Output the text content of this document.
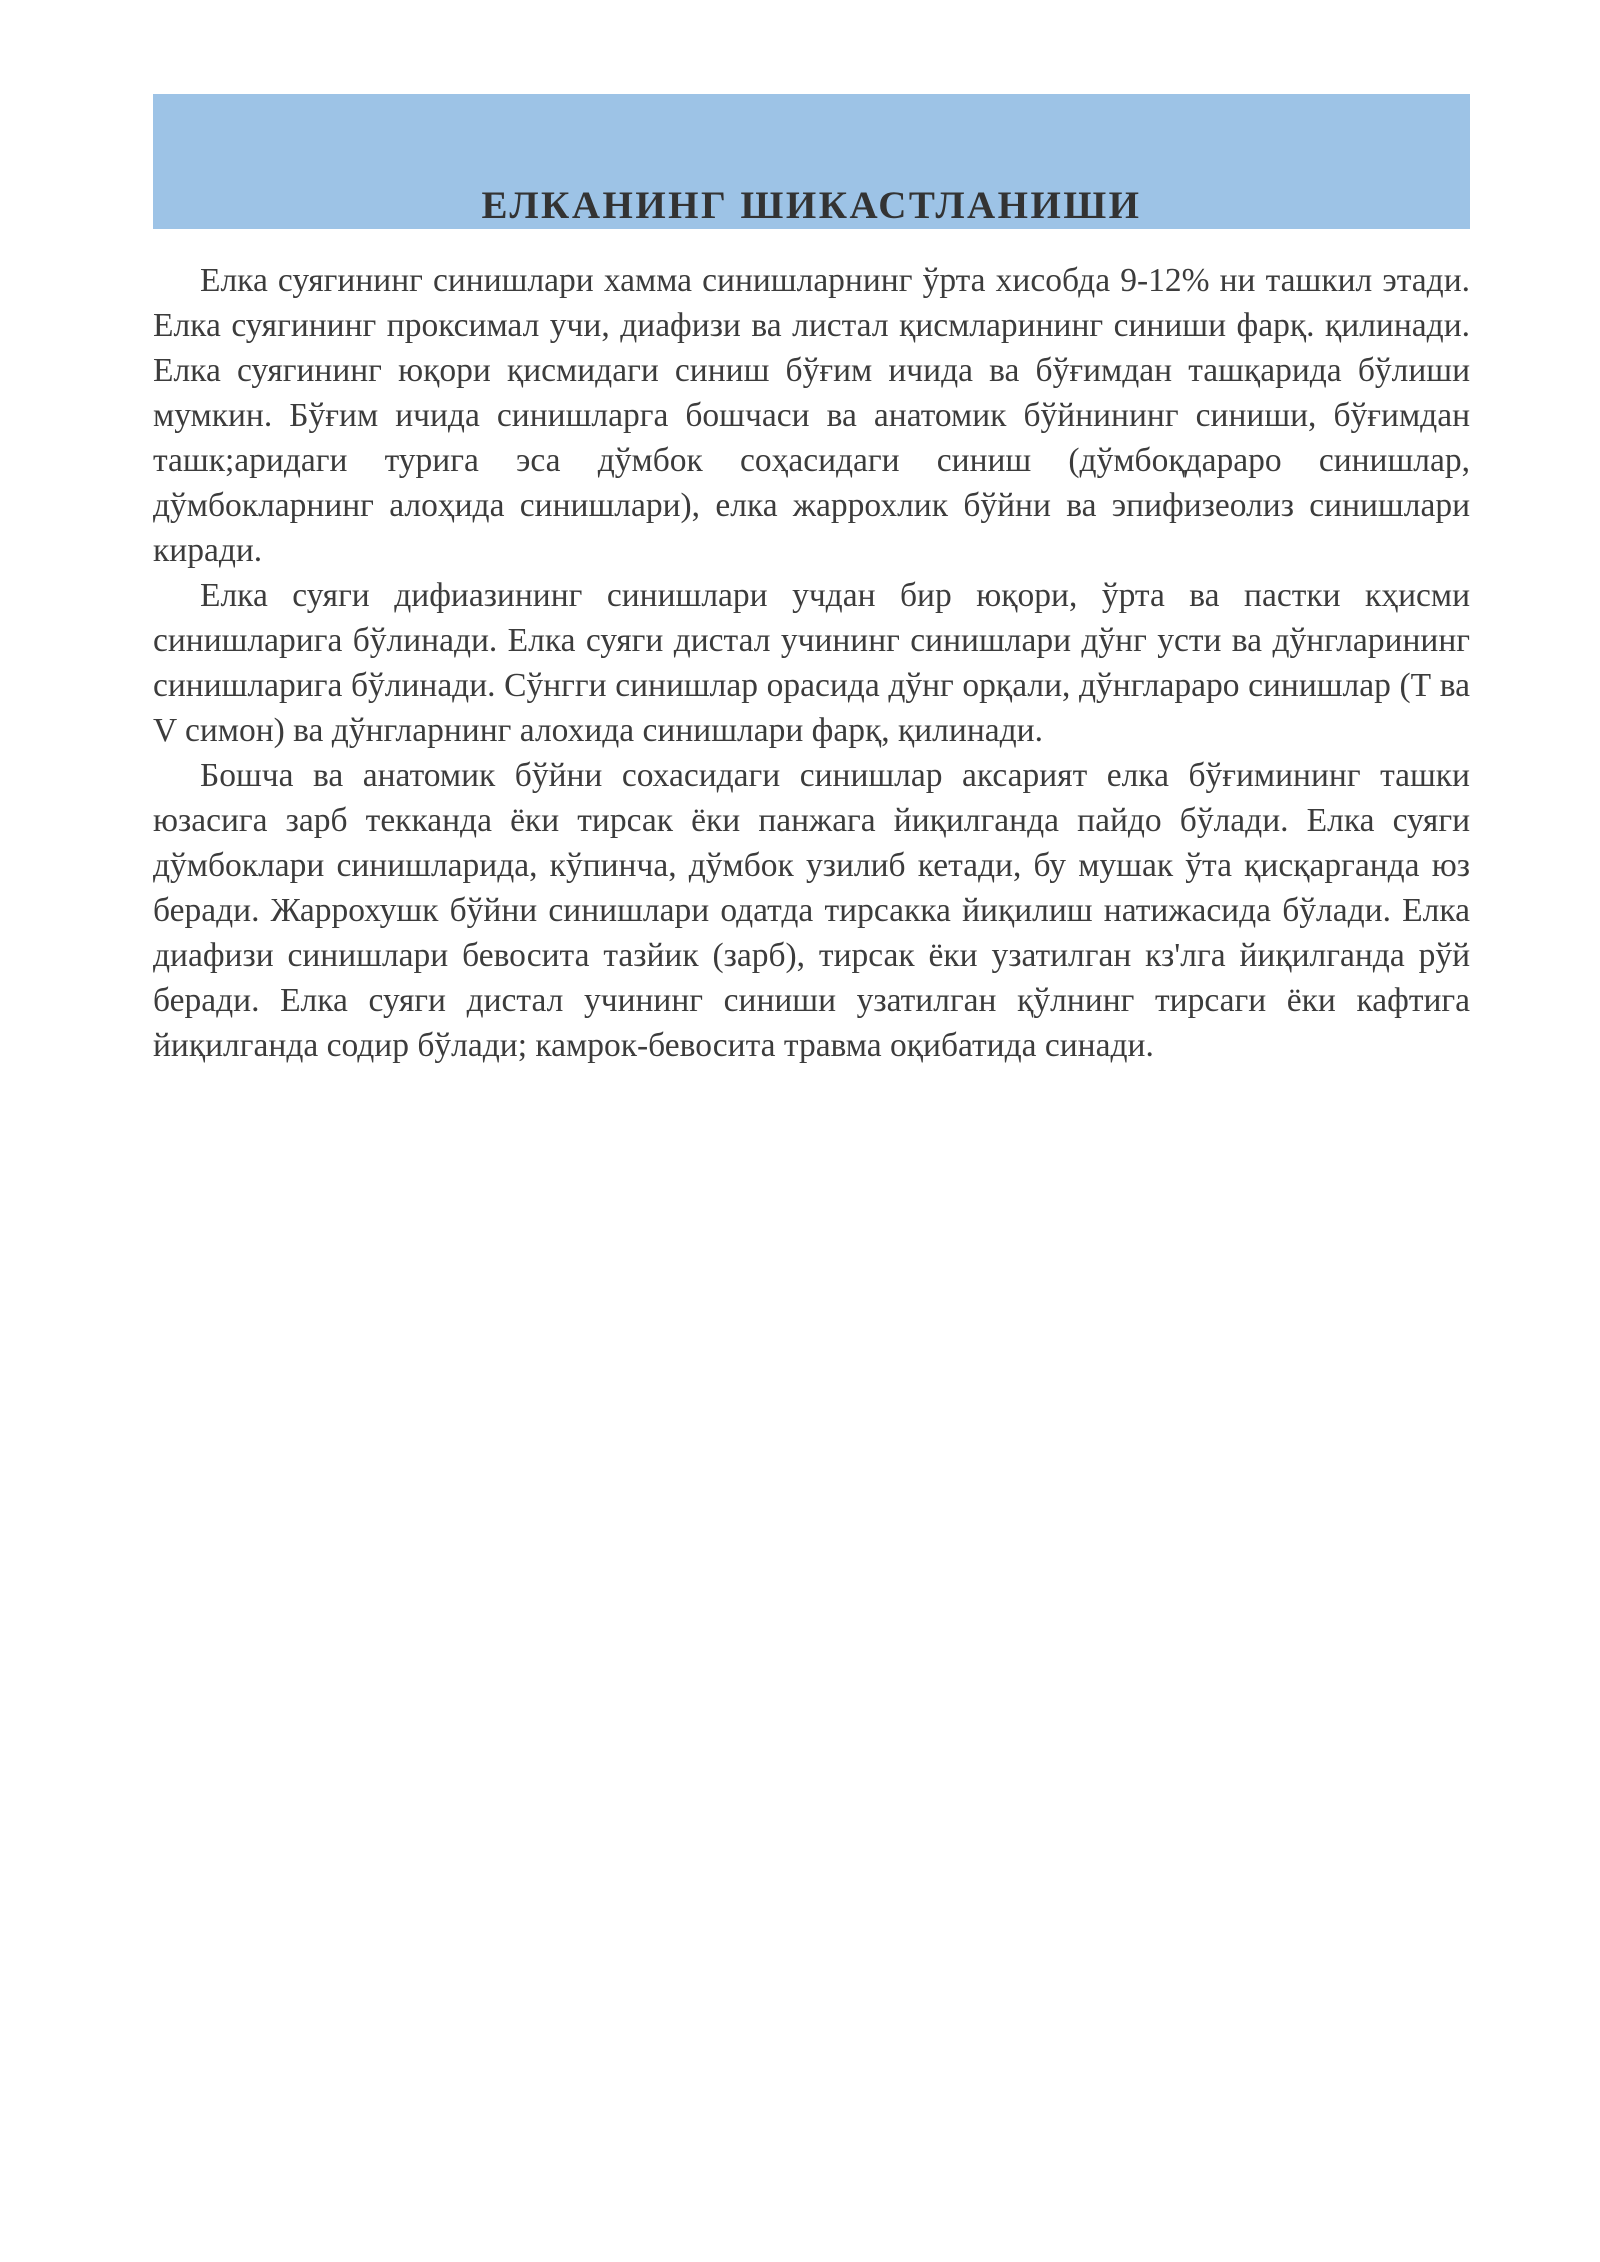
ЕЛКАНИНГ ШИКАСТЛАНИШИ

Елка суягининг синишлари хамма синишларнинг ўрта хисобда 9-12% ни ташкил этади. Елка суягининг проксимал учи, диафизи ва листал қисмларининг синиши фарқ. қилинади. Елка суягининг юқори қисмидаги синиш бўғим ичида ва бўғимдан ташқарида бўлиши мумкин. Бўғим ичида синишларга бошчаси ва анатомик бўйнининг синиши, бўғимдан ташк;аридаги турига эса дўмбок соҳасидаги синиш (дўмбоқдараро синишлар, дўмбокларнинг алоҳида синишлари), елка жаррохлик бўйни ва эпифизеолиз синишлари киради.

Елка суяги дифиазининг синишлари учдан бир юқори, ўрта ва пастки кҳисми синишларига бўлинади. Елка суяги дистал учининг синишлари дўнг усти ва дўнгларининг синишларига бўлинади. Сўнгги синишлар орасида дўнг орқали, дўнглараро синишлар (Т ва V симон) ва дўнгларнинг алохида синишлари фарқ, қилинади.

Бошча ва анатомик бўйни сохасидаги синишлар аксарият елка бўғимининг ташки юзасига зарб текканда ёки тирсак ёки панжага йиқилганда пайдо бўлади. Елка суяги дўмбоклари синишларида, кўпинча, дўмбок узилиб кетади, бу мушак ўта қисқарганда юз беради. Жаррохушк бўйни синишлари одатда тирсакка йиқилиш натижасида бўлади. Елка диафизи синишлари бевосита тазйик (зарб), тирсак ёки узатилган кз'лга йиқилганда рўй беради. Елка суяги дистал учининг синиши узатилган қўлнинг тирсаги ёки кафтига йиқилганда содир бўлади; камрок-бевосита травма оқибатида синади.
